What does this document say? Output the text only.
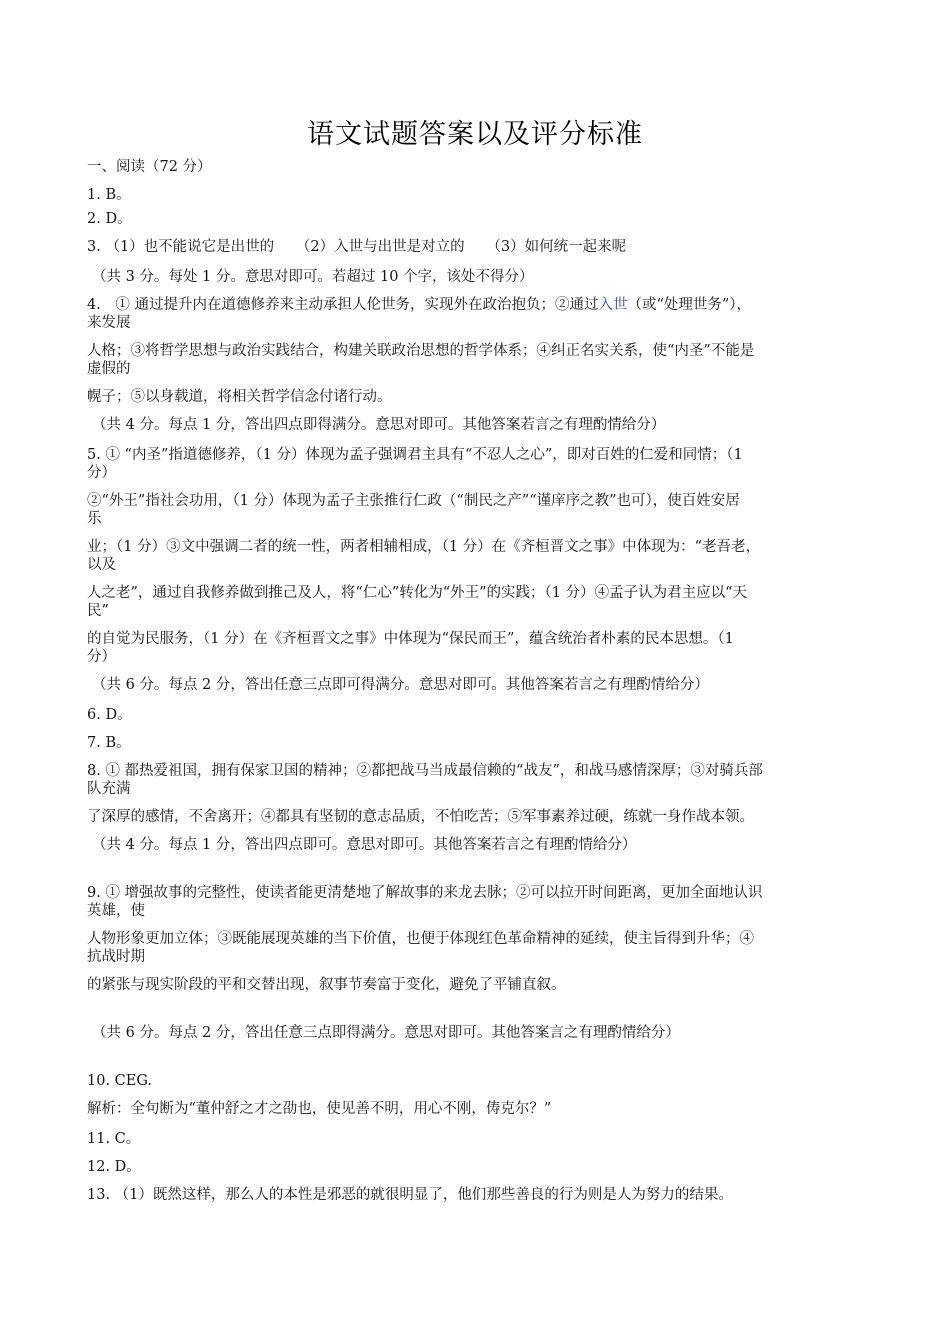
语文试题答案以及评分标准
一、阅读（72 分）
1. B。
2. D。
3. （1）也不能说它是出世的　　（2）入世与出世是对立的　　（3）如何统一起来呢
（共 3 分。每处 1 分。意思对即可。若超过 10 个字，该处不得分）
4.　① 通过提升内在道德修养来主动承担人伦世务，实现外在政治抱负；②通过入世（或“处理世务”），
来发展
人格；③将哲学思想与政治实践结合，构建关联政治思想的哲学体系；④纠正名实关系，使“内圣”不能是
虚假的
幌子；⑤以身载道，将相关哲学信念付诸行动。
（共 4 分。每点 1 分，答出四点即得满分。意思对即可。其他答案若言之有理酌情给分）
5. ① “内圣”指道德修养，（1 分）体现为孟子强调君主具有“不忍人之心”，即对百姓的仁爱和同情；（1
分）
②“外王”指社会功用，（1 分）体现为孟子主张推行仁政（“制民之产”“谨庠序之教”也可），使百姓安居
乐
业；（1 分）③文中强调二者的统一性，两者相辅相成，（1 分）在《齐桓晋文之事》中体现为：“老吾老，
以及
人之老”，通过自我修养做到推己及人，将“仁心”转化为“外王”的实践；（1 分）④孟子认为君主应以“天
民”
的自觉为民服务，（1 分）在《齐桓晋文之事》中体现为“保民而王”，蕴含统治者朴素的民本思想。（1
分）
（共 6 分。每点 2 分，答出任意三点即可得满分。意思对即可。其他答案若言之有理酌情给分）
6. D。
7. B。
8. ① 都热爱祖国，拥有保家卫国的精神；②都把战马当成最信赖的“战友”，和战马感情深厚；③对骑兵部
队充满
了深厚的感情，不舍离开；④都具有坚韧的意志品质，不怕吃苦；⑤军事素养过硬，练就一身作战本领。
（共 4 分。每点 1 分，答出四点即可。意思对即可。其他答案若言之有理酌情给分）
9. ① 增强故事的完整性，使读者能更清楚地了解故事的来龙去脉；②可以拉开时间距离，更加全面地认识
英雄，使
人物形象更加立体；③既能展现英雄的当下价值，也便于体现红色革命精神的延续，使主旨得到升华；④
抗战时期
的紧张与现实阶段的平和交替出现，叙事节奏富于变化，避免了平铺直叙。
（共 6 分。每点 2 分，答出任意三点即得满分。意思对即可。其他答案言之有理酌情给分）
10. CEG.
解析：全句断为“董仲舒之才之劭也，使见善不明，用心不刚，俦克尔？”
11. C。
12. D。
13. （1）既然这样，那么人的本性是邪恶的就很明显了，他们那些善良的行为则是人为努力的结果。
